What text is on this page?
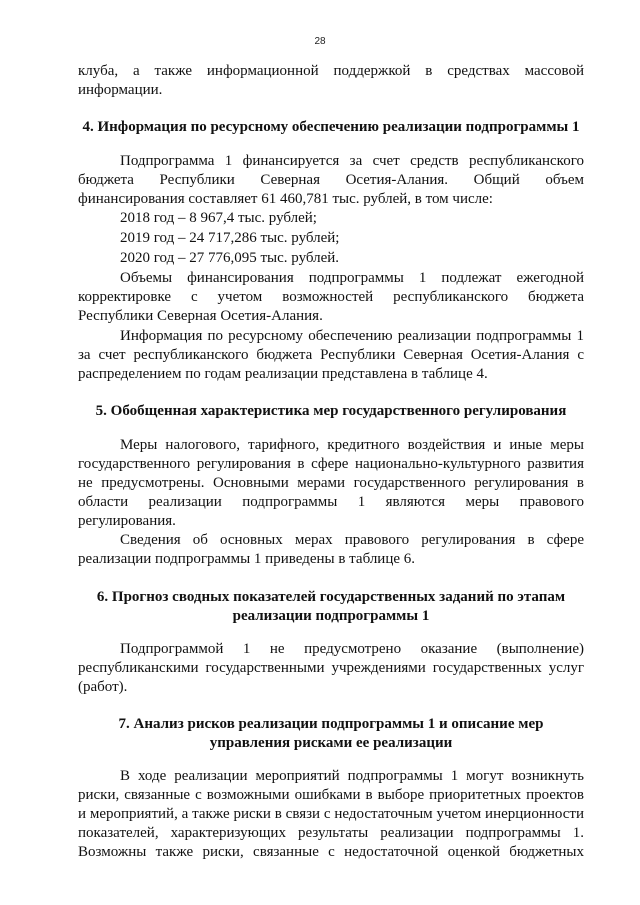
28
клуба, а также информационной поддержкой в средствах массовой
информации.
4. Информация по ресурсному обеспечению реализации подпрограммы 1
Подпрограмма 1 финансируется за счет средств республиканского
бюджета Республики Северная Осетия-Алания. Общий объем
финансирования составляет 61 460,781 тыс. рублей, в том числе:
2018 год – 8 967,4 тыс. рублей;
2019 год – 24 717,286 тыс. рублей;
2020 год – 27 776,095 тыс. рублей.
Объемы финансирования подпрограммы 1 подлежат ежегодной
корректировке с учетом возможностей республиканского бюджета
Республики Северная Осетия-Алания.
Информация по ресурсному обеспечению реализации подпрограммы 1
за счет республиканского бюджета Республики Северная Осетия-Алания с
распределением по годам реализации представлена в таблице 4.
5. Обобщенная характеристика мер государственного регулирования
Меры налогового, тарифного, кредитного воздействия и иные меры
государственного регулирования в сфере национально-культурного развития
не предусмотрены. Основными мерами государственного регулирования в
области реализации подпрограммы 1 являются меры правового
регулирования.
Сведения об основных мерах правового регулирования в сфере
реализации подпрограммы 1 приведены в таблице 6.
6. Прогноз сводных показателей государственных заданий по этапам
реализации подпрограммы 1
Подпрограммой 1 не предусмотрено оказание (выполнение)
республиканскими государственными учреждениями государственных услуг
(работ).
7. Анализ рисков реализации подпрограммы 1 и описание мер
управления рисками ее реализации
В ходе реализации мероприятий подпрограммы 1 могут возникнуть
риски, связанные с возможными ошибками в выборе приоритетных проектов
и мероприятий, а также риски в связи с недостаточным учетом инерционности
показателей, характеризующих результаты реализации подпрограммы 1.
Возможны также риски, связанные с недостаточной оценкой бюджетных
